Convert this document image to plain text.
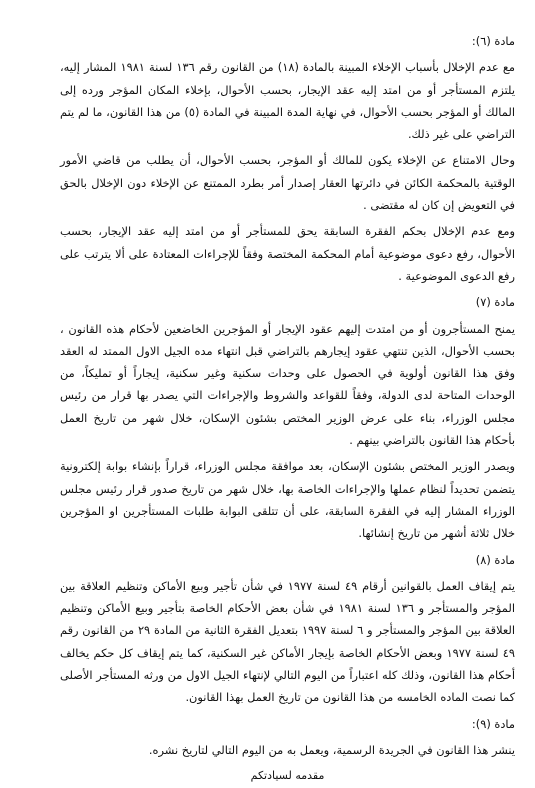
مادة (٦):
مع عدم الإخلال بأسباب الإخلاء المبينة بالمادة (١٨) من القانون رقم ١٣٦ لسنة ١٩٨١ المشار إليه، يلتزم المستأجر أو من امتد إليه عقد الإيجار، بحسب الأحوال، بإخلاء المكان المؤجر ورده إلى المالك أو المؤجر بحسب الأحوال، في نهاية المدة المبينة في المادة (٥) من هذا القانون، ما لم يتم التراضي على غير ذلك.
وحال الامتناع عن الإخلاء يكون للمالك أو المؤجر، بحسب الأحوال، أن يطلب من قاضي الأمور الوقتية بالمحكمة الكائن في دائرتها العقار إصدار أمر بطرد الممتنع عن الإخلاء دون الإخلال بالحق في التعويض إن كان له مقتضى .
ومع عدم الإخلال بحكم الفقرة السابقة يحق للمستأجر أو من امتد إليه عقد الإيجار، بحسب الأحوال، رفع دعوى موضوعية أمام المحكمة المختصة وفقاً للإجراءات المعتادة على ألا يترتب على رفع الدعوى الموضوعية .
مادة (٧)
يمنح المستأجرون أو من امتدت إليهم عقود الإيجار أو المؤجرين الخاضعين لأحكام هذه القانون ، بحسب الأحوال، الذين تنتهي عقود إيجارهم بالتراضي قبل انتهاء مده الجيل الاول الممتد له العقد وفق هذا القانون أولوية في الحصول على وحدات سكنية وغير سكنية، إيجاراً أو تمليكاً، من الوحدات المتاحة لدى الدولة، وفقاً للقواعد والشروط والإجراءات التي يصدر بها قرار من رئيس مجلس الوزراء، بناء على عرض الوزير المختص بشئون الإسكان، خلال شهر من تاريخ العمل بأحكام هذا القانون بالتراضي بينهم .
ويصدر الوزير المختص بشئون الإسكان، بعد موافقة مجلس الوزراء، قراراً بإنشاء بوابة إلكترونية يتضمن تحديداً لنظام عملها والإجراءات الخاصة بها، خلال شهر من تاريخ صدور قرار رئيس مجلس الوزراء المشار إليه في الفقرة السابقة، على أن تتلقى البوابة طلبات المستأجرين او المؤجرين خلال ثلاثة أشهر من تاريخ إنشائها.
مادة (٨)
يتم إيقاف العمل بالقوانين أرقام ٤٩ لسنة ١٩٧٧ في شأن تأجير وبيع الأماكن وتنظيم العلاقة بين المؤجر والمستأجر و ١٣٦ لسنة ١٩٨١ في شأن بعض الأحكام الخاصة بتأجير وبيع الأماكن وتنظيم العلاقة بين المؤجر والمستأجر و ٦ لسنة ١٩٩٧ بتعديل الفقرة الثانية من المادة ٢٩ من القانون رقم ٤٩ لسنة ١٩٧٧ وبعض الأحكام الخاصة بإيجار الأماكن غير السكنية، كما يتم إيقاف كل حكم يخالف أحكام هذا القانون، وذلك كله اعتباراً من اليوم التالي لإنتهاء الجيل الاول من ورثه المستأجر الأصلى كما نصت الماده الخامسه من هذا القانون من تاريخ العمل بهذا القانون.
مادة (٩):
ينشر هذا القانون في الجريدة الرسمية، ويعمل به من اليوم التالي لتاريخ نشره.
مقدمه لسيادتكم
